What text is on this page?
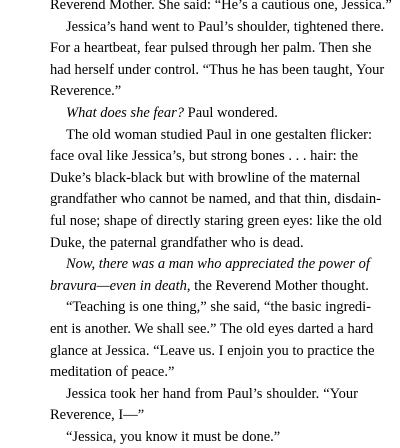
Reverend Mother. She said: “He’s a cautious one, Jessica.”
Jessica’s hand went to Paul’s shoulder, tightened there.
For a heartbeat, fear pulsed through her palm. Then she
had herself under control. “Thus he has been taught, Your
Reverence.”
What does she fear? Paul wondered.
The old woman studied Paul in one gestalten flicker:
face oval like Jessica’s, but strong bones . . . hair: the
Duke’s black-black but with browline of the maternal
grandfather who cannot be named, and that thin, disdain-
ful nose; shape of directly staring green eyes: like the old
Duke, the paternal grandfather who is dead.
Now, there was a man who appreciated the power of
bravura—even in death, the Reverend Mother thought.
“Teaching is one thing,” she said, “the basic ingredi-
ent is another. We shall see.” The old eyes darted a hard
glance at Jessica. “Leave us. I enjoin you to practice the
meditation of peace.”
Jessica took her hand from Paul’s shoulder. “Your
Reverence, I—”
“Jessica, you know it must be done.”
